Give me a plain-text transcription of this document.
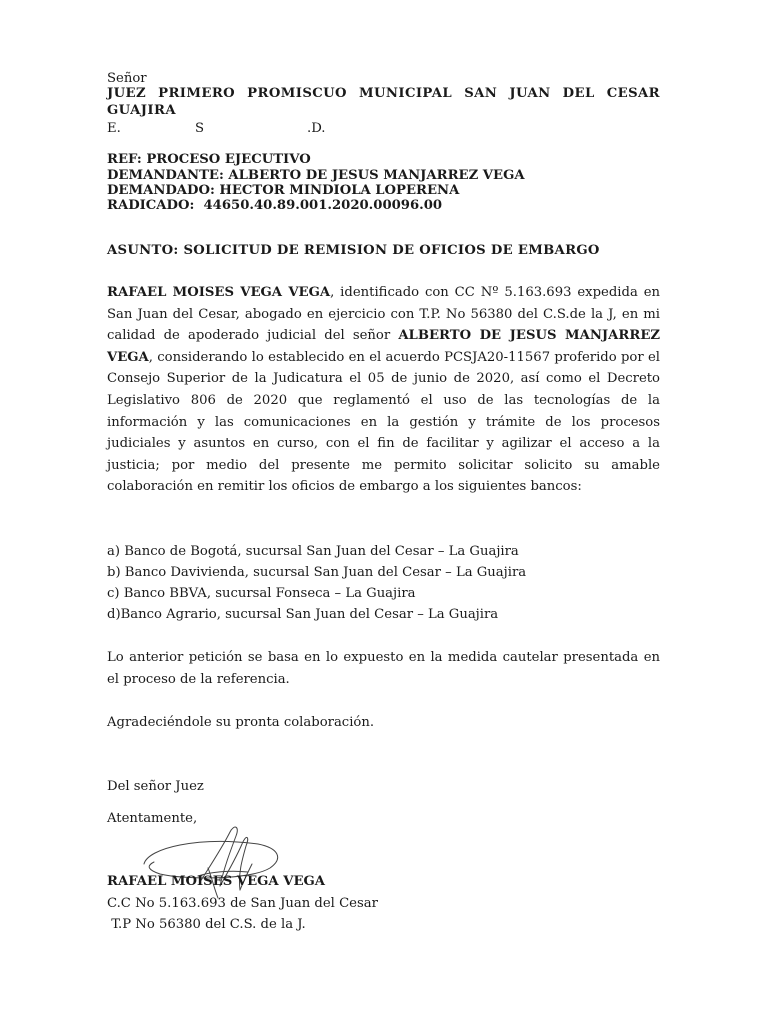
Señor
JUEZ PRIMERO PROMISCUO MUNICIPAL SAN JUAN DEL CESAR
GUAJIRA
E.	S	.D.
REF: PROCESO EJECUTIVO
DEMANDANTE: ALBERTO DE JESUS MANJARREZ VEGA
DEMANDADO: HECTOR MINDIOLA LOPERENA
RADICADO:  44650.40.89.001.2020.00096.00
ASUNTO: SOLICITUD DE REMISION DE OFICIOS DE EMBARGO
RAFAEL MOISES VEGA VEGA, identificado con CC Nº 5.163.693 expedida en San Juan del Cesar, abogado en ejercicio con T.P. No 56380 del C.S.de la J, en mi calidad de apoderado judicial del señor ALBERTO DE JESUS MANJARREZ VEGA, considerando lo establecido en el acuerdo PCSJA20-11567 proferido por el Consejo Superior de la Judicatura el 05 de junio de 2020, así como el Decreto Legislativo 806 de 2020 que reglamentó el uso de las tecnologías de la información y las comunicaciones en la gestión y trámite de los procesos judiciales y asuntos en curso, con el fin de facilitar y agilizar el acceso a la justicia; por medio del presente me permito solicitar solicito su amable colaboración en remitir los oficios de embargo a los siguientes bancos:
a) Banco de Bogotá, sucursal San Juan del Cesar – La Guajira
b) Banco Davivienda, sucursal San Juan del Cesar – La Guajira
c) Banco BBVA, sucursal Fonseca – La Guajira
d)Banco Agrario, sucursal San Juan del Cesar – La Guajira
Lo anterior petición se basa en lo expuesto en la medida cautelar presentada en el proceso de la referencia.
Agradeciéndole su pronta colaboración.
Del señor Juez
Atentamente,
RAFAEL MOISES VEGA VEGA
C.C No 5.163.693 de San Juan del Cesar
T.P No 56380 del C.S. de la J.
